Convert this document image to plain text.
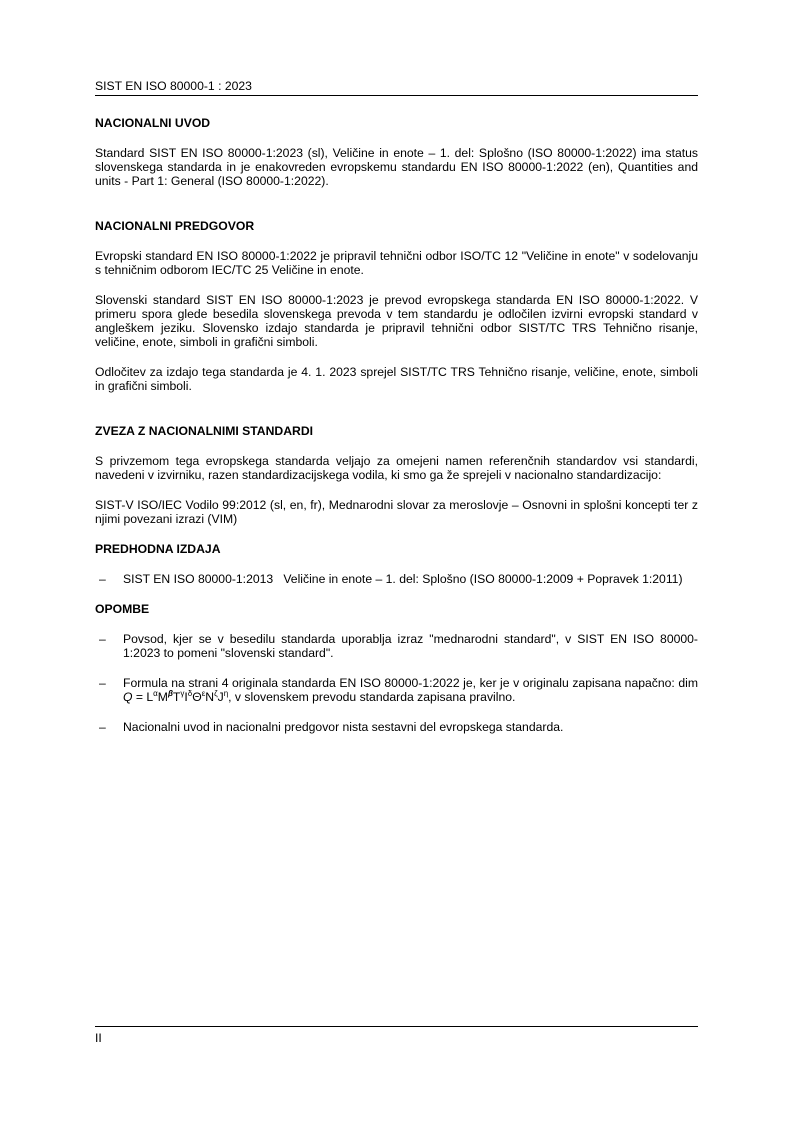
SIST EN ISO 80000-1 : 2023
NACIONALNI UVOD

Standard SIST EN ISO 80000-1:2023 (sl), Veličine in enote – 1. del: Splošno (ISO 80000-1:2022) ima status slovenskega standarda in je enakovreden evropskemu standardu EN ISO 80000-1:2022 (en), Quantities and units - Part 1: General (ISO 80000-1:2022).

NACIONALNI PREDGOVOR

Evropski standard EN ISO 80000-1:2022 je pripravil tehnični odbor ISO/TC 12 "Veličine in enote" v sodelovanju s tehničnim odborom IEC/TC 25 Veličine in enote.

Slovenski standard SIST EN ISO 80000-1:2023 je prevod evropskega standarda EN ISO 80000-1:2022. V primeru spora glede besedila slovenskega prevoda v tem standardu je odločilen izvirni evropski standard v angleškem jeziku. Slovensko izdajo standarda je pripravil tehnični odbor SIST/TC TRS Tehnično risanje, veličine, enote, simboli in grafični simboli.

Odločitev za izdajo tega standarda je 4. 1. 2023 sprejel SIST/TC TRS Tehnično risanje, veličine, enote, simboli in grafični simboli.

ZVEZA Z NACIONALNIMI STANDARDI

S privzemom tega evropskega standarda veljajo za omejeni namen referenčnih standardov vsi standardi, navedeni v izvirniku, razen standardizacijskega vodila, ki smo ga že sprejeli v nacionalno standardizacijo:

SIST-V ISO/IEC Vodilo 99:2012 (sl, en, fr), Mednarodni slovar za meroslovje – Osnovni in splošni koncepti ter z njimi povezani izrazi (VIM)

PREDHODNA IZDAJA
– SIST EN ISO 80000-1:2013   Veličine in enote – 1. del: Splošno (ISO 80000-1:2009 + Popravek 1:2011)
OPOMBE
– Povsod, kjer se v besedilu standarda uporablja izraz "mednarodni standard", v SIST EN ISO 80000-1:2023 to pomeni "slovenski standard".
– Formula na strani 4 originala standarda EN ISO 80000-1:2022 je, ker je v originalu zapisana napačno: dim $Q = L^\alpha M^\beta T^\gamma I^\delta\Theta^\varepsilon N^\zeta J^\eta$, v slovenskem prevodu standarda zapisana pravilno.
– Nacionalni uvod in nacionalni predgovor nista sestavni del evropskega standarda.
II
